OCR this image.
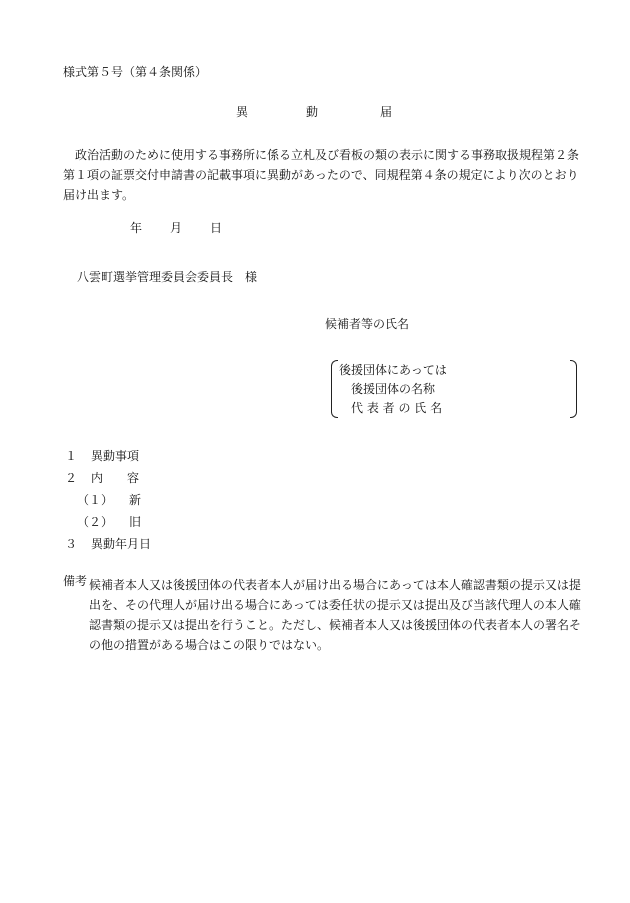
様式第５号（第４条関係）
異	動	届
政治活動のために使用する事務所に係る立札及び看板の類の表示に関する事務取扱規程第２条第１項の証票交付申請書の記載事項に異動があったので、同規程第４条の規定により次のとおり届け出ます。
年 月 日
八雲町選挙管理委員会委員長　様
候補者等の氏名
後援団体にあっては
後援団体の名称
代 表 者 の 氏 名
１ 異動事項
２ 内　　容
（１） 新
（２） 旧
３ 異動年月日
備考 候補者本人又は後援団体の代表者本人が届け出る場合にあっては本人確認書類の提示又は提出を、その代理人が届け出る場合にあっては委任状の提示又は提出及び当該代理人の本人確認書類の提示又は提出を行うこと。ただし、候補者本人又は後援団体の代表者本人の署名その他の措置がある場合はこの限りではない。
